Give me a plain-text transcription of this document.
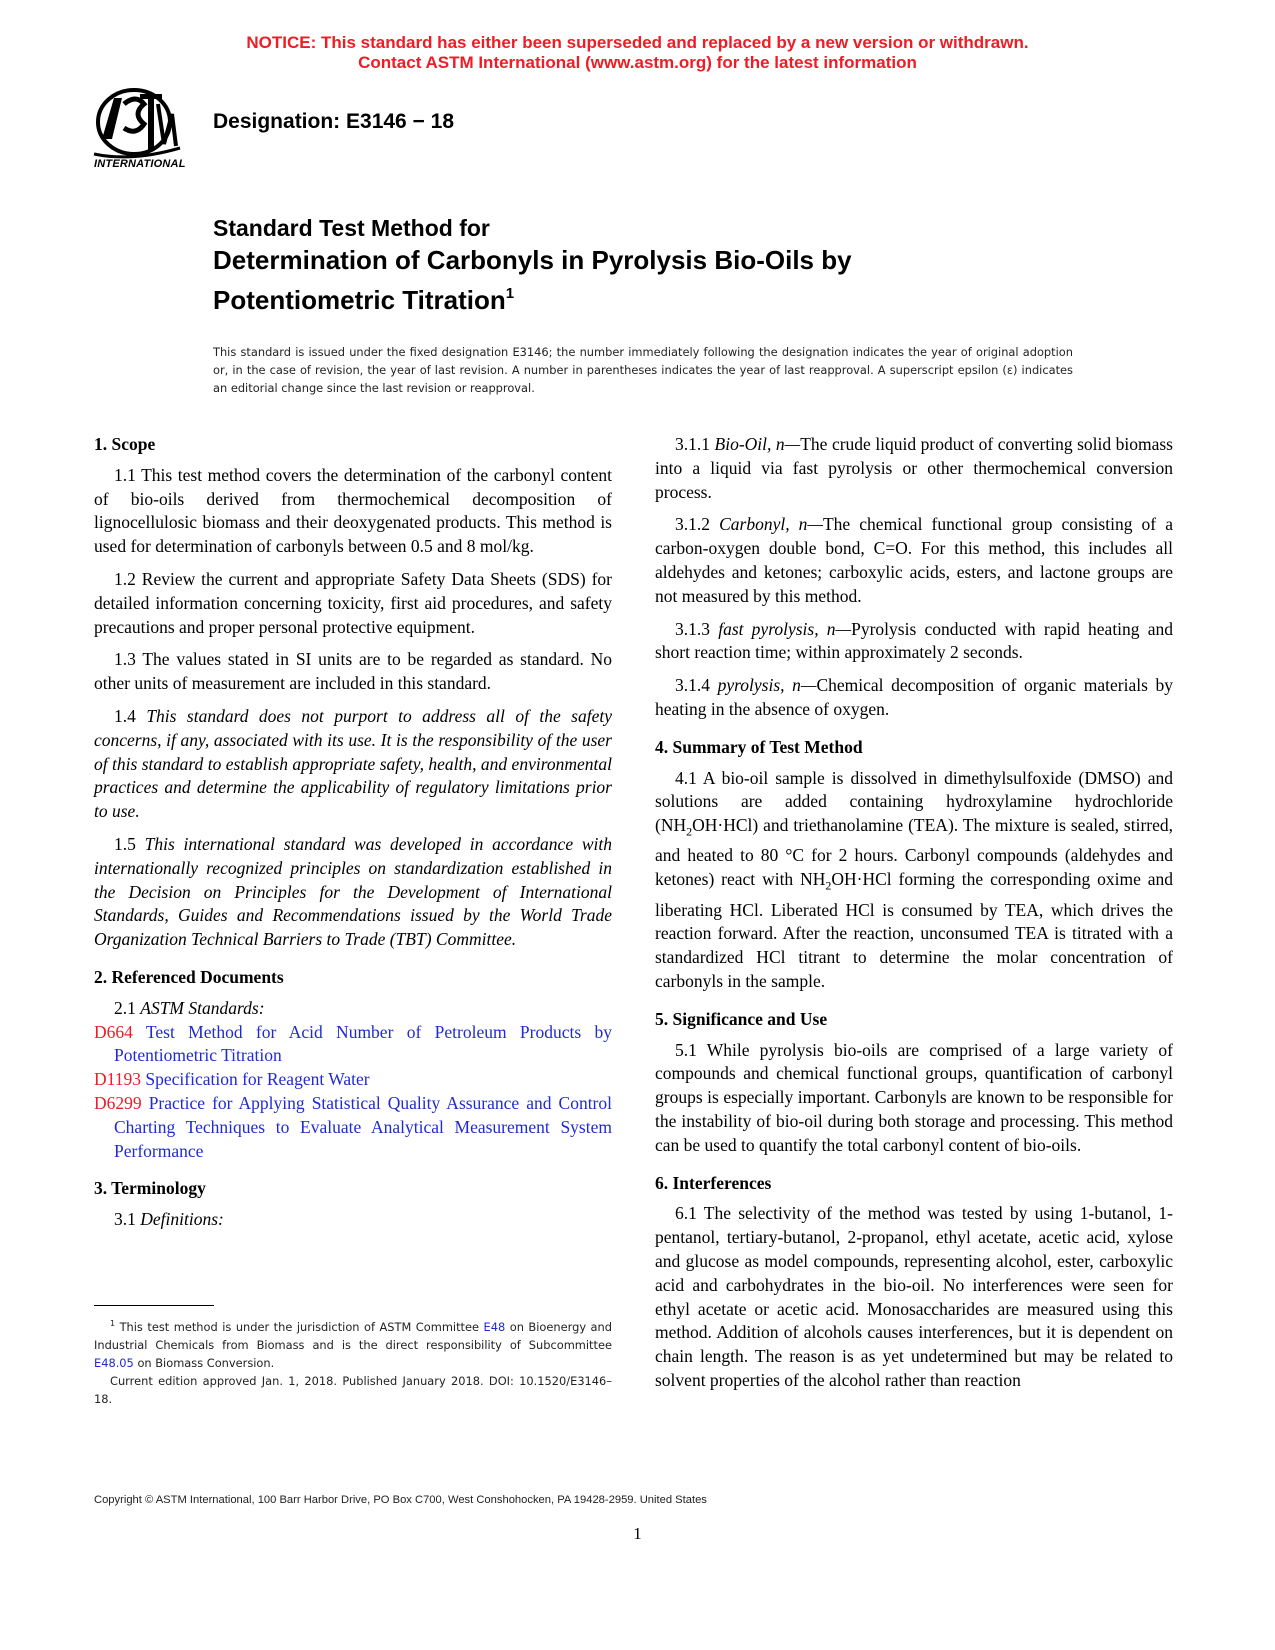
NOTICE: This standard has either been superseded and replaced by a new version or withdrawn.
Contact ASTM International (www.astm.org) for the latest information
INTERNATIONAL
Designation: E3146 − 18
Standard Test Method for
Determination of Carbonyls in Pyrolysis Bio-Oils by
Potentiometric Titration$^1$
This standard is issued under the fixed designation E3146; the number immediately following the designation indicates the year of original adoption or, in the case of revision, the year of last revision. A number in parentheses indicates the year of last reapproval. A superscript epsilon (ε) indicates an editorial change since the last revision or reapproval.
1. Scope

1.1 This test method covers the determination of the carbonyl content of bio-oils derived from thermochemical decomposition of lignocellulosic biomass and their deoxygenated products. This method is used for determination of carbonyls between 0.5 and 8 mol/kg.

1.2 Review the current and appropriate Safety Data Sheets (SDS) for detailed information concerning toxicity, first aid procedures, and safety precautions and proper personal protective equipment.

1.3 The values stated in SI units are to be regarded as standard. No other units of measurement are included in this standard.

1.4 This standard does not purport to address all of the safety concerns, if any, associated with its use. It is the responsibility of the user of this standard to establish appropriate safety, health, and environmental practices and determine the applicability of regulatory limitations prior to use.

1.5 This international standard was developed in accordance with internationally recognized principles on standardization established in the Decision on Principles for the Development of International Standards, Guides and Recommendations issued by the World Trade Organization Technical Barriers to Trade (TBT) Committee.

2. Referenced Documents
2.1 ASTM Standards:
D664 Test Method for Acid Number of Petroleum Products by Potentiometric Titration
D1193 Specification for Reagent Water
D6299 Practice for Applying Statistical Quality Assurance and Control Charting Techniques to Evaluate Analytical Measurement System Performance
3. Terminology
3.1 Definitions:

$^1$ This test method is under the jurisdiction of ASTM Committee E48 on Bioenergy and Industrial Chemicals from Biomass and is the direct responsibility of Subcommittee E48.05 on Biomass Conversion.

Current edition approved Jan. 1, 2018. Published January 2018. DOI: 10.1520/E3146–18.

3.1.1 Bio-Oil, n—The crude liquid product of converting solid biomass into a liquid via fast pyrolysis or other thermochemical conversion process.

3.1.2 Carbonyl, n—The chemical functional group consisting of a carbon-oxygen double bond, C=O. For this method, this includes all aldehydes and ketones; carboxylic acids, esters, and lactone groups are not measured by this method.

3.1.3 fast pyrolysis, n—Pyrolysis conducted with rapid heating and short reaction time; within approximately 2 seconds.

3.1.4 pyrolysis, n—Chemical decomposition of organic materials by heating in the absence of oxygen.

4. Summary of Test Method

4.1 A bio-oil sample is dissolved in dimethylsulfoxide (DMSO) and solutions are added containing hydroxylamine hydrochloride $(NH_2OH\cdot HCl)$ and triethanolamine (TEA). The mixture is sealed, stirred, and heated to 80 °C for 2 hours. Carbonyl compounds (aldehydes and ketones) react with $NH_2OH\cdot HCl$ forming the corresponding oxime and liberating HCl. Liberated HCl is consumed by TEA, which drives the reaction forward. After the reaction, unconsumed TEA is titrated with a standardized HCl titrant to determine the molar concentration of carbonyls in the sample.

5. Significance and Use

5.1 While pyrolysis bio-oils are comprised of a large variety of compounds and chemical functional groups, quantification of carbonyl groups is especially important. Carbonyls are known to be responsible for the instability of bio-oil during both storage and processing. This method can be used to quantify the total carbonyl content of bio-oils.

6. Interferences

6.1 The selectivity of the method was tested by using 1-butanol, 1-pentanol, tertiary-butanol, 2-propanol, ethyl acetate, acetic acid, xylose and glucose as model compounds, representing alcohol, ester, carboxylic acid and carbohydrates in the bio-oil. No interferences were seen for ethyl acetate or acetic acid. Monosaccharides are measured using this method. Addition of alcohols causes interferences, but it is dependent on chain length. The reason is as yet undetermined but may be related to solvent properties of the alcohol rather than reaction

Copyright © ASTM International, 100 Barr Harbor Drive, PO Box C700, West Conshohocken, PA 19428-2959. United States
1
